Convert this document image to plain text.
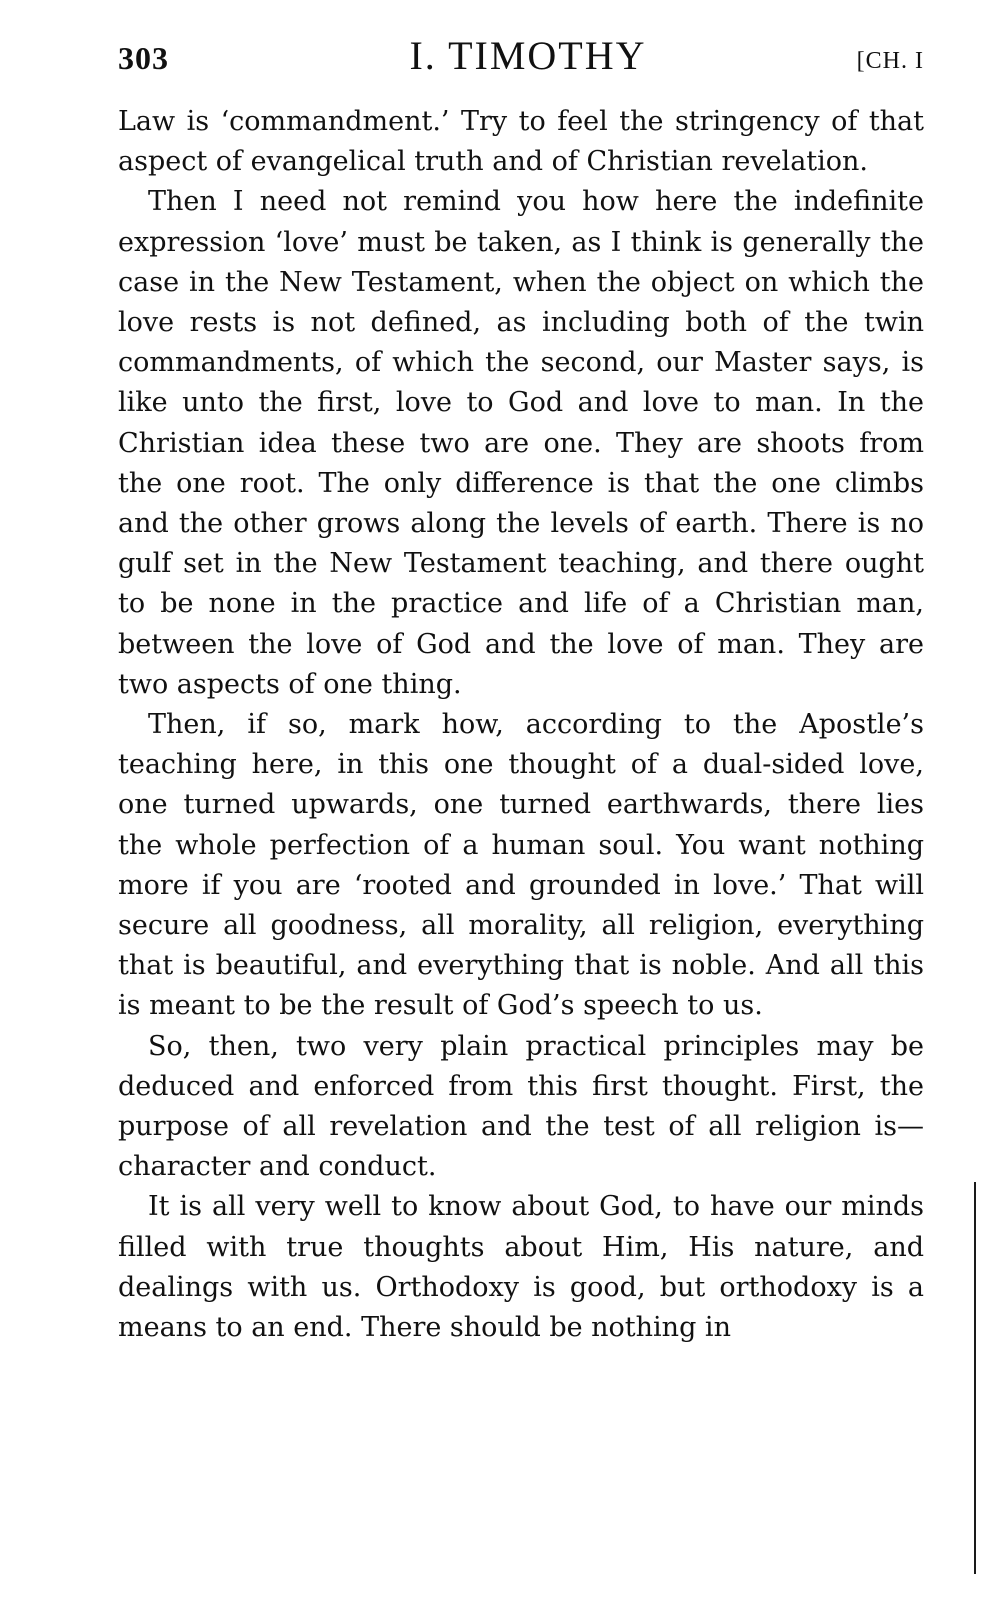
303	I. TIMOTHY	[CH. I

Law is ‘commandment.’ Try to feel the stringency of that aspect of evangelical truth and of Christian revelation.

Then I need not remind you how here the indefinite expression ‘love’ must be taken, as I think is generally the case in the New Testament, when the object on which the love rests is not defined, as including both of the twin commandments, of which the second, our Master says, is like unto the first, love to God and love to man. In the Christian idea these two are one. They are shoots from the one root. The only difference is that the one climbs and the other grows along the levels of earth. There is no gulf set in the New Testament teaching, and there ought to be none in the practice and life of a Christian man, between the love of God and the love of man. They are two aspects of one thing.

Then, if so, mark how, according to the Apostle’s teaching here, in this one thought of a dual-sided love, one turned upwards, one turned earthwards, there lies the whole perfection of a human soul. You want nothing more if you are ‘rooted and grounded in love.’ That will secure all goodness, all morality, all religion, everything that is beautiful, and everything that is noble. And all this is meant to be the result of God’s speech to us.

So, then, two very plain practical principles may be deduced and enforced from this first thought. First, the purpose of all revelation and the test of all religion is—character and conduct.

It is all very well to know about God, to have our minds filled with true thoughts about Him, His nature, and dealings with us. Orthodoxy is good, but orthodoxy is a means to an end. There should be nothing in
